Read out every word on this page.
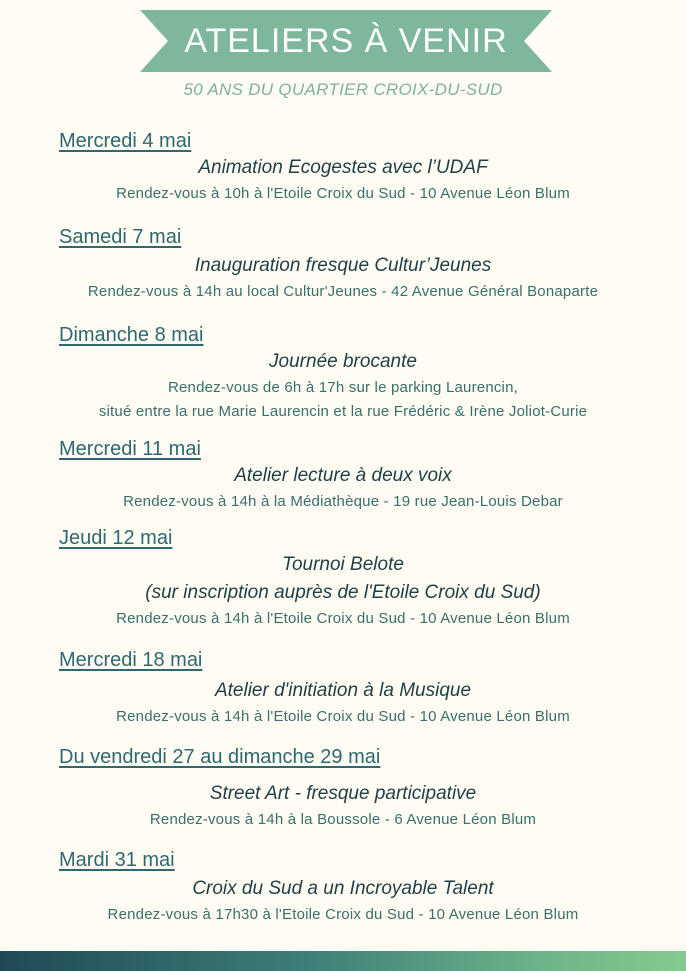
ATELIERS À VENIR
50 ANS DU QUARTIER CROIX-DU-SUD
Mercredi 4 mai
Animation Ecogestes avec l’UDAF
Rendez-vous à 10h à l'Etoile Croix du Sud - 10 Avenue Léon Blum
Samedi 7 mai
Inauguration fresque Cultur’Jeunes
Rendez-vous à 14h au local Cultur'Jeunes - 42 Avenue Général Bonaparte
Dimanche 8 mai
Journée brocante
Rendez-vous de 6h à 17h sur le parking Laurencin,
situé entre la rue Marie Laurencin et la rue Frédéric & Irène Joliot-Curie
Mercredi 11 mai
Atelier lecture à deux voix
Rendez-vous à 14h à la Médiathèque - 19 rue Jean-Louis Debar
Jeudi 12 mai
Tournoi Belote
(sur inscription auprès de l'Etoile Croix du Sud)
Rendez-vous à 14h à l'Etoile Croix du Sud - 10 Avenue Léon Blum
Mercredi 18 mai
Atelier d'initiation à la Musique
Rendez-vous à 14h à l'Etoile Croix du Sud - 10 Avenue Léon Blum
Du vendredi 27 au dimanche 29 mai
Street Art - fresque participative
Rendez-vous à 14h à la Boussole - 6 Avenue Léon Blum
Mardi 31 mai
Croix du Sud a un Incroyable Talent
Rendez-vous à 17h30 à l'Etoile Croix du Sud - 10 Avenue Léon Blum
